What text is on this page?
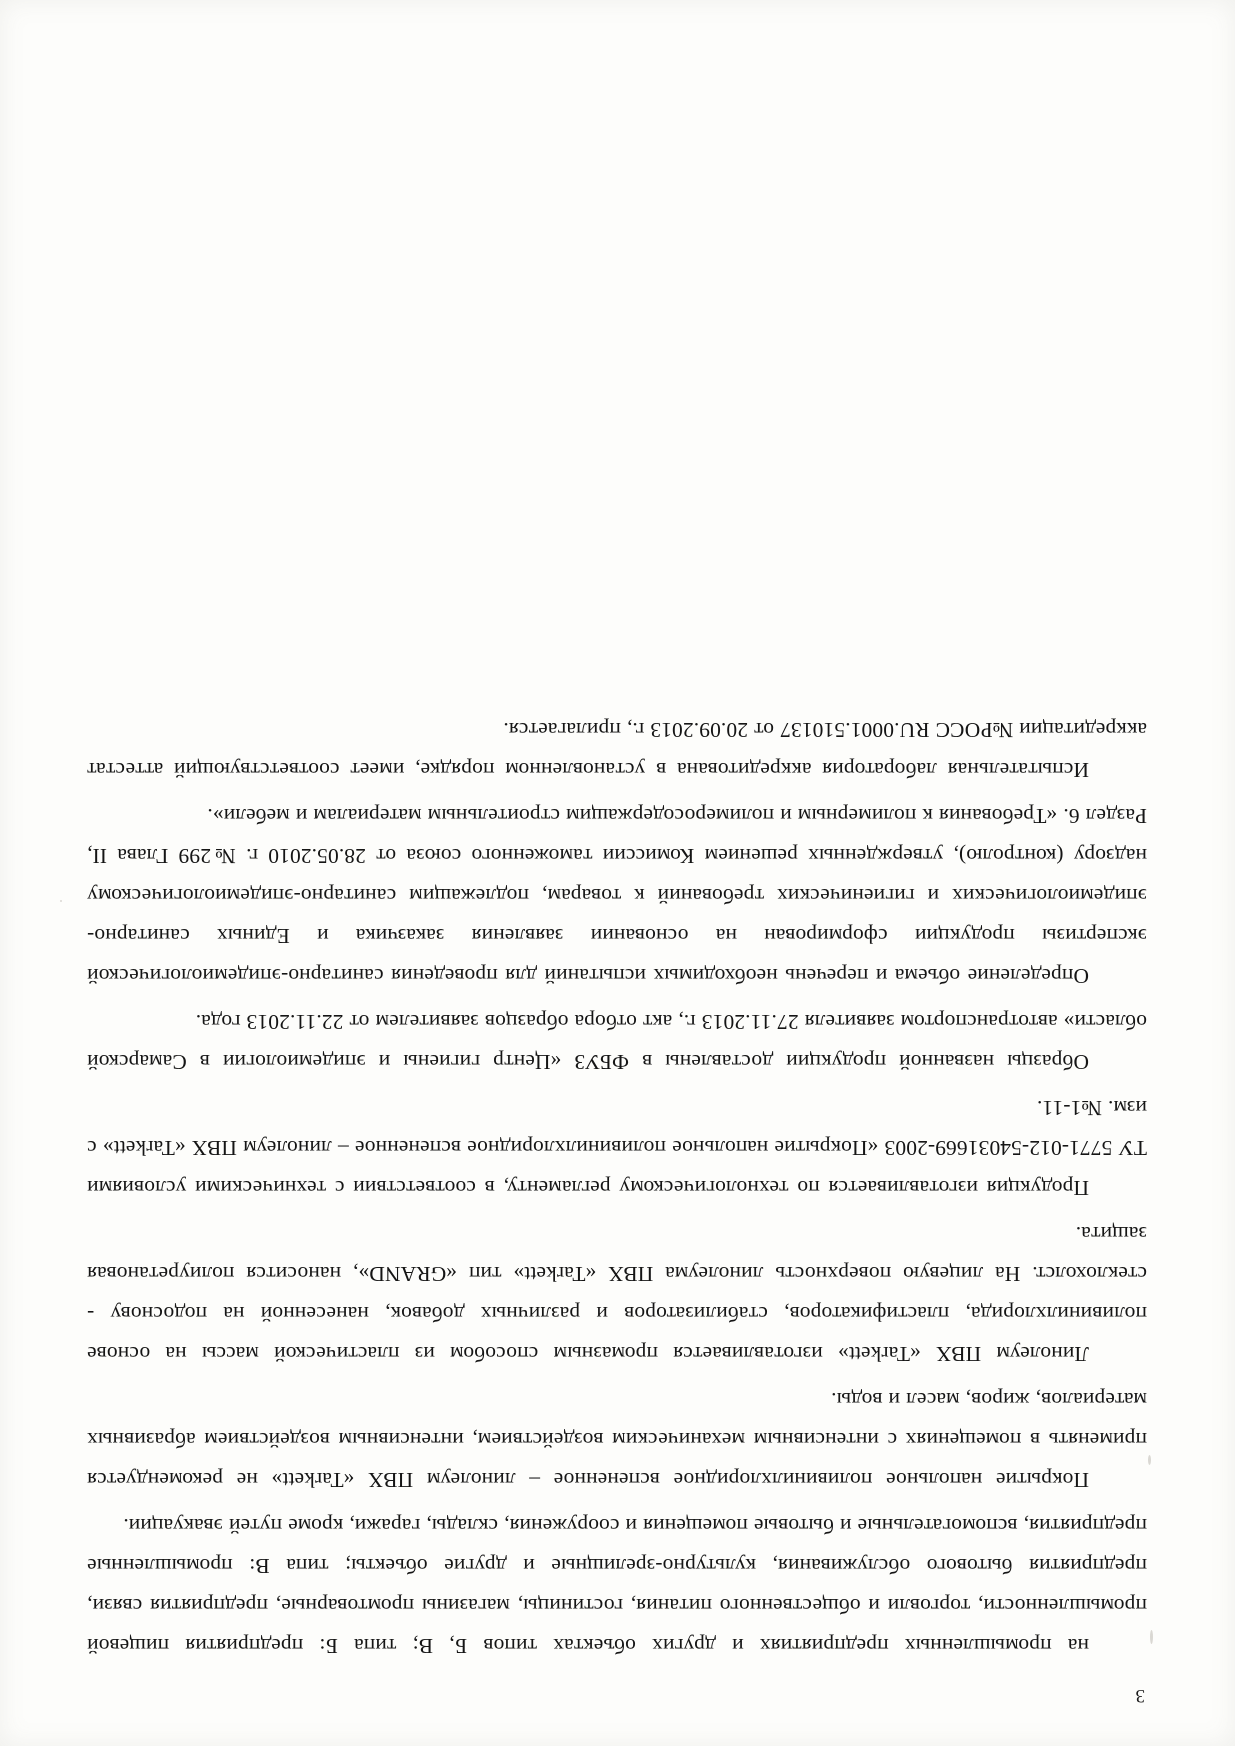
3

на промышленных предприятиях и других объектах типов Б, В; типа Б: предприятия пищевой промышленности, торговли и общественного питания, гостиницы, магазины промтоварные, предприятия связи, предприятия бытового обслуживания, культурно-зрелищные и другие объекты; типа В: промышленные предприятия, вспомогательные и бытовые помещения и сооружения, склады, гаражи, кроме путей эвакуации.

Покрытие напольное поливинилхлоридное вспененное – линолеум ПВХ «Tarkett» не рекомендуется применять в помещениях с интенсивным механическим воздействием, интенсивным воздействием абразивных материалов, жиров, масел и воды.

Линолеум ПВХ «Tarkett» изготавливается промазным способом из пластической массы на основе поливинилхлорида, пластификаторов, стабилизаторов и различных добавок, нанесенной на подоснову - стеклохолст. На лицевую поверхность линолеума ПВХ «Tarkett» тип «GRAND», наносится полиуретановая защита.

Продукция изготавливается по технологическому регламенту, в соответствии с техническими условиями ТУ 5771-012-54031669-2003 «Покрытие напольное поливинилхлоридное вспененное – линолеум ПВХ «Tarkett» с изм. №1-11.

Образцы названной продукции доставлены в ФБУЗ «Центр гигиены и эпидемиологии в Самарской области» автотранспортом заявителя 27.11.2013 г., акт отбора образцов заявителем от 22.11.2013 года.

Определение объема и перечень необходимых испытаний для проведения санитарно-эпидемиологической экспертизы продукции сформирован на основании заявления заказчика и Единых санитарно-эпидемиологических и гигиенических требований к товарам, подлежащим санитарно-эпидемиологическому надзору (контролю), утвержденных решением Комиссии таможенного союза от 28.05.2010 г. №299 Глава II, Раздел 6. «Требования к полимерным и полимеросодержащим строительным материалам и мебели».

Испытательная лаборатория аккредитована в установленном порядке, имеет соответствующий аттестат аккредитации №РОСС RU.0001.510137 от 20.09.2013 г., прилагается.
